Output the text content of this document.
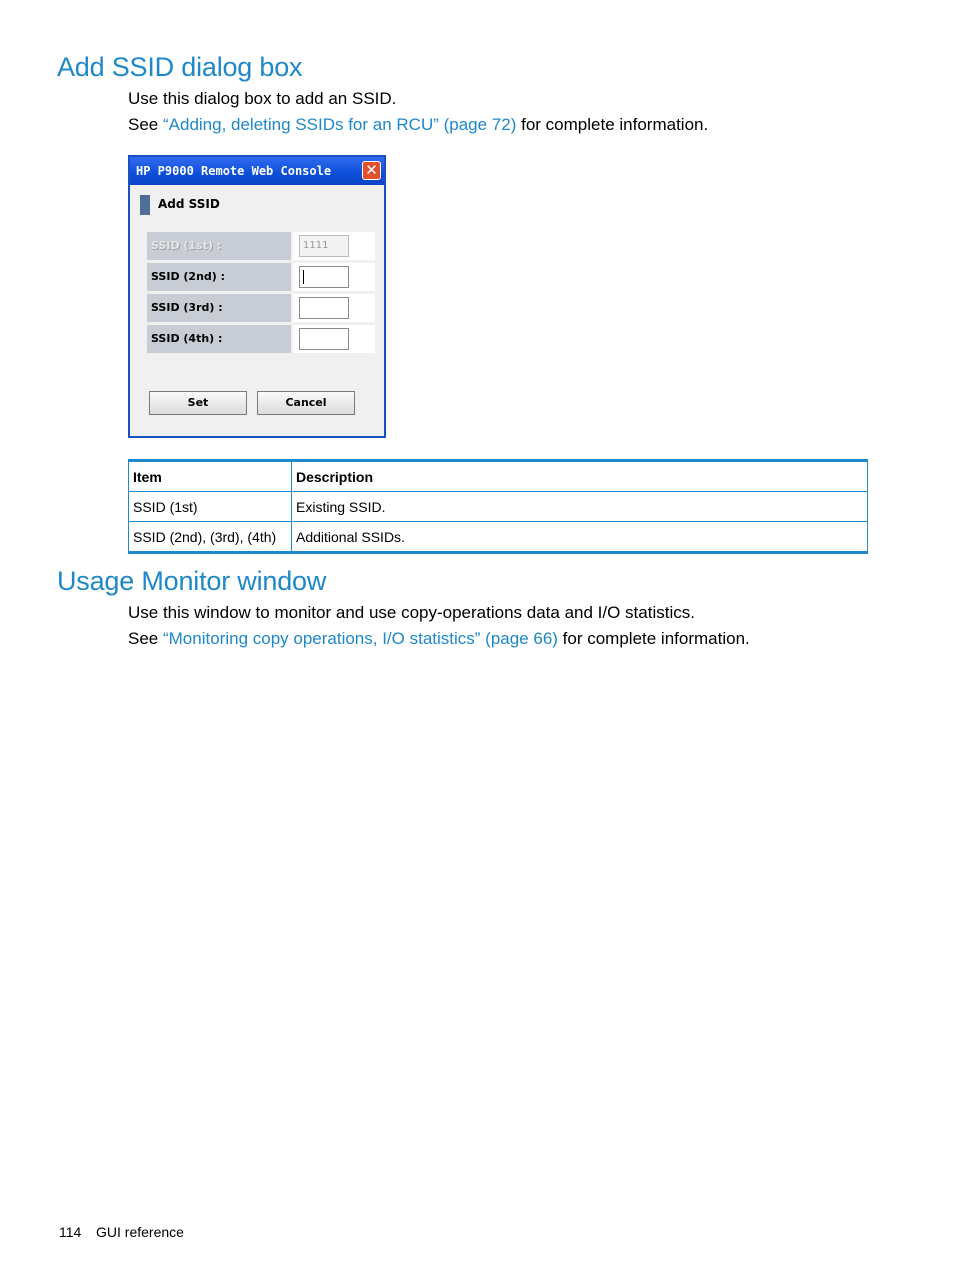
Add SSID dialog box
Use this dialog box to add an SSID.
See “Adding, deleting SSIDs for an RCU” (page 72) for complete information.
HP P9000 Remote Web Console ✕
Add SSID
SSID (1st) :	1111
SSID (2nd) :
SSID (3rd) :
SSID (4th) :
Set	Cancel
Item	Description
SSID (1st)	Existing SSID.
SSID (2nd), (3rd), (4th)	Additional SSIDs.
Usage Monitor window
Use this window to monitor and use copy-operations data and I/O statistics.
See “Monitoring copy operations, I/O statistics” (page 66) for complete information.
114 GUI reference
